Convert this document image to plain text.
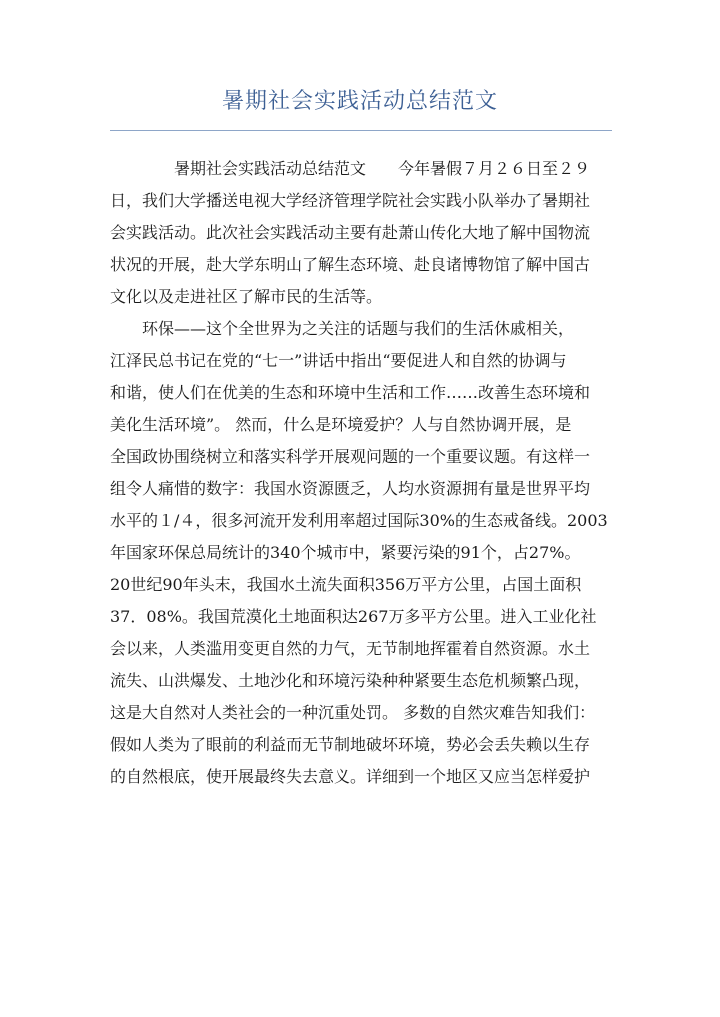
暑期社会实践活动总结范文
　　　　暑期社会实践活动总结范文　　今年暑假７月２６日至２９
日，我们大学播送电视大学经济管理学院社会实践小队举办了暑期社
会实践活动。此次社会实践活动主要有赴萧山传化大地了解中国物流
状况的开展，赴大学东明山了解生态环境、赴良诸博物馆了解中国古
文化以及走进社区了解市民的生活等。
　　环保——这个全世界为之关注的话题与我们的生活休戚相关，
江泽民总书记在党的“七一”讲话中指出“要促进人和自然的协调与
和谐，使人们在优美的生态和环境中生活和工作……改善生态环境和
美化生活环境”。 然而，什么是环境爱护？人与自然协调开展，是
全国政协围绕树立和落实科学开展观问题的一个重要议题。有这样一
组令人痛惜的数字：我国水资源匮乏，人均水资源拥有量是世界平均
水平的１/４，很多河流开发利用率超过国际30%的生态戒备线。2003
年国家环保总局统计的340个城市中，紧要污染的91个，占27%。
20世纪90年头末，我国水土流失面积356万平方公里，占国土面积
37．08%。我国荒漠化土地面积达267万多平方公里。进入工业化社
会以来，人类滥用变更自然的力气，无节制地挥霍着自然资源。水土
流失、山洪爆发、土地沙化和环境污染种种紧要生态危机频繁凸现，
这是大自然对人类社会的一种沉重处罚。 多数的自然灾难告知我们：
假如人类为了眼前的利益而无节制地破坏环境，势必会丢失赖以生存
的自然根底，使开展最终失去意义。详细到一个地区又应当怎样爱护
